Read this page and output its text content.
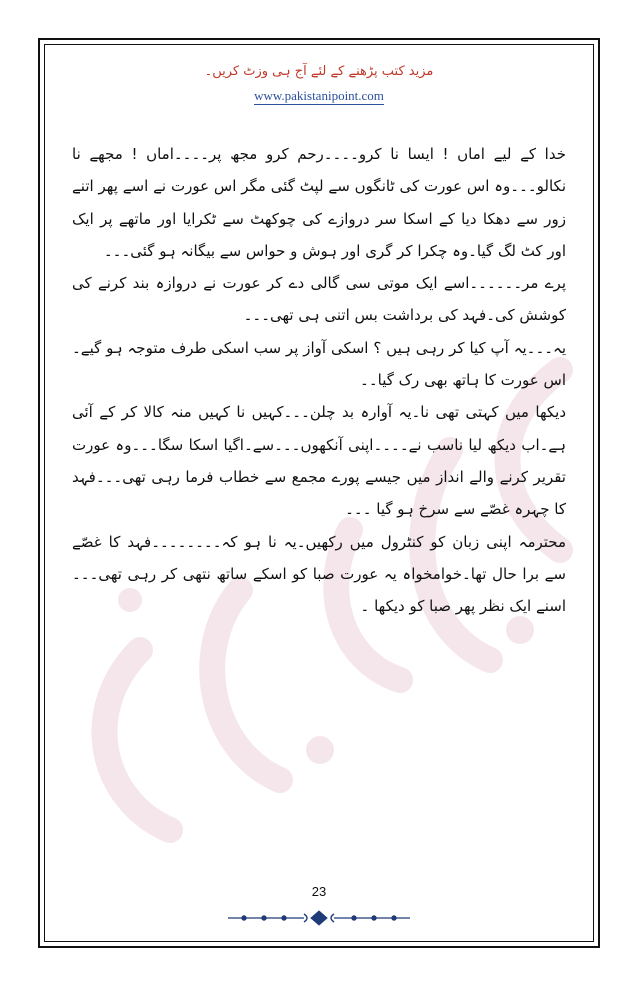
مزید کتب پڑھنے کے لئے آج ہی وزٹ کریں۔
www.pakistanipoint.com

خدا کے لیے اماں ! ایسا نا کرو۔۔۔۔رحم کرو مجھ پر۔۔۔۔اماں ! مجھے نا نکالو۔۔۔وہ اس عورت کی ٹانگوں سے لپٹ گئی مگر اس عورت نے اسے پھر اتنے زور سے دھکا دیا کے اسکا سر دروازے کی چوکھٹ سے ٹکرایا اور ماتھے پر ایک اور کٹ لگ گیا۔وہ چکرا کر گری اور ہوش و حواس سے بیگانہ ہو گئی۔۔۔

پرے مر۔۔۔۔۔۔اسے ایک موتی سی گالی دے کر عورت نے دروازہ بند کرنے کی کوشش کی۔فہد کی برداشت بس اتنی ہی تھی۔۔۔

یہ۔۔۔یہ آپ کیا کر رہی ہیں ؟ اسکی آواز پر سب اسکی طرف متوجہ ہو گیے۔اس عورت کا ہاتھ بھی رک گیا۔۔

دیکھا میں کہتی تھی نا۔یہ آوارہ بد چلن۔۔۔کہیں نا کہیں منہ کالا کر کے آئی ہے۔اب دیکھ لیا ناسب نے۔۔۔۔اپنی آنکھوں۔۔۔سے۔اگیا اسکا سگا۔۔۔وہ عورت تقریر کرنے والے انداز میں جیسے پورے مجمع سے خطاب فرما رہی تھی۔۔۔فہد کا چہرہ غصّے سے سرخ ہو گیا ۔۔۔

محترمہ اپنی زبان کو کنٹرول میں رکھیں۔یہ نا ہو کہ۔۔۔۔۔۔۔۔فہد کا غصّے سے برا حال تھا۔خوامخواہ یہ عورت صبا کو اسکے ساتھ نتھی کر رہی تھی۔۔۔اسنے ایک نظر پھر صبا کو دیکھا ۔

23
